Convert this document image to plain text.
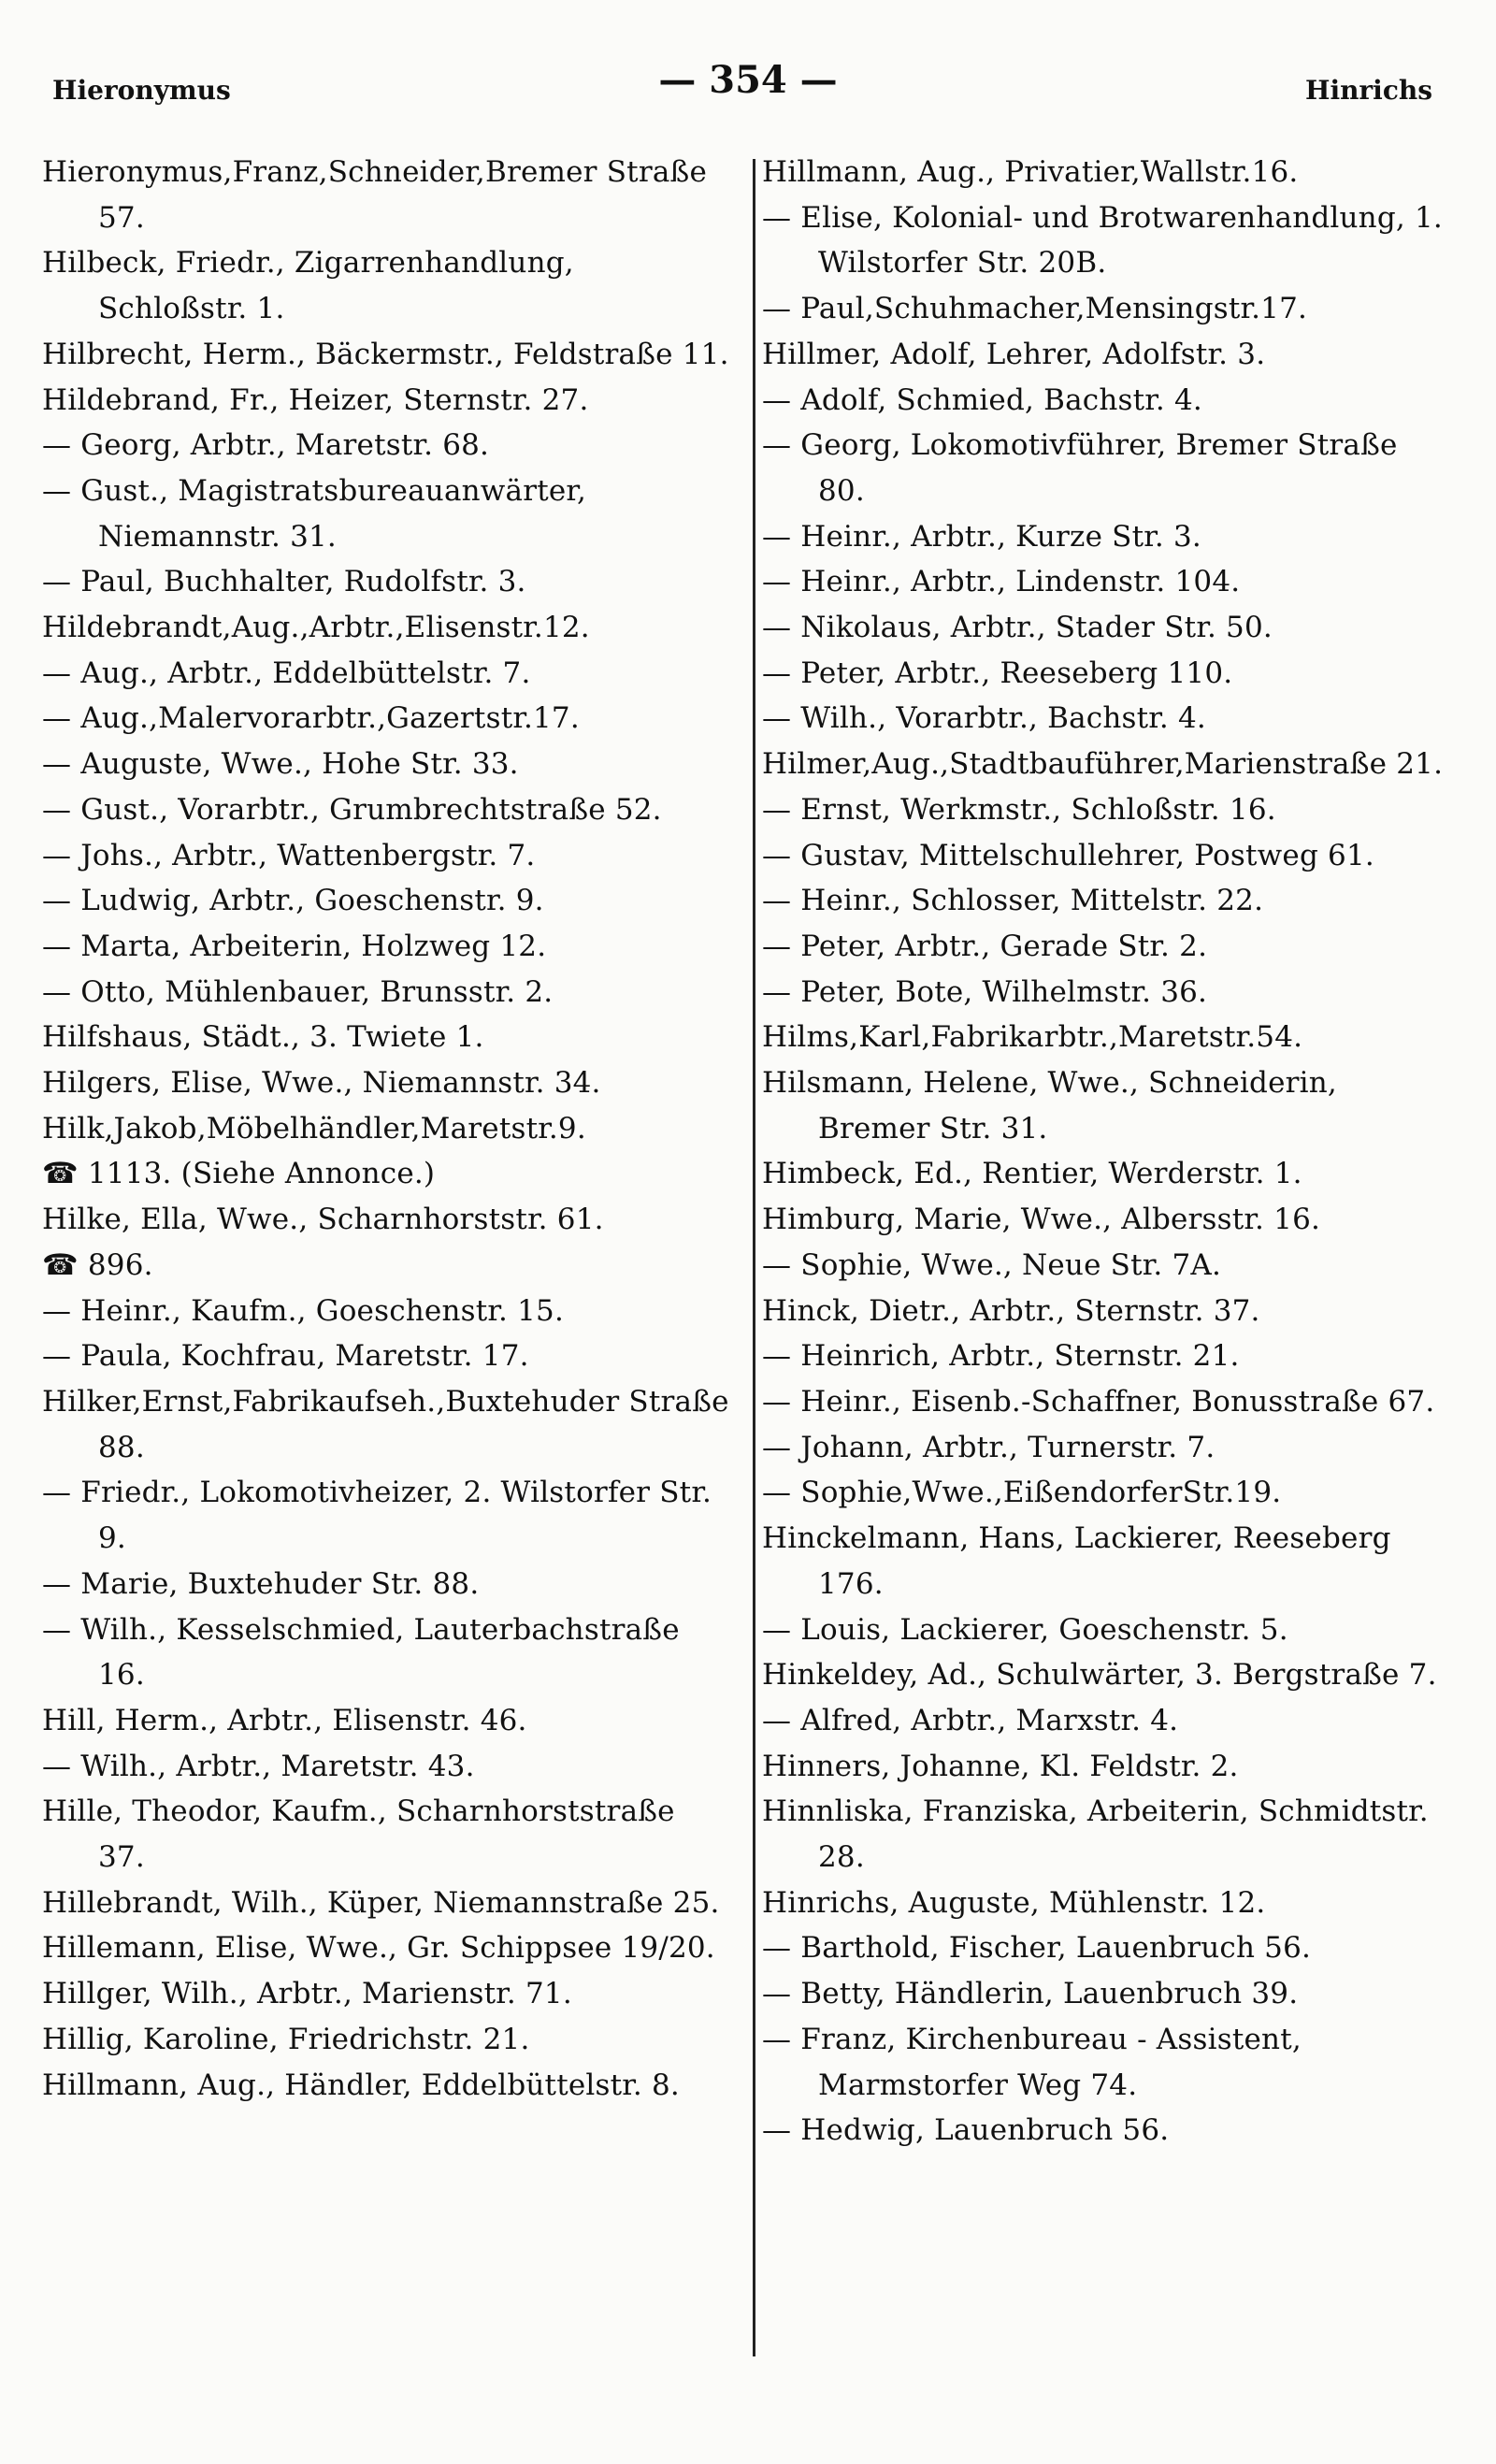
Hieronymus	— 354 —	Hinrichs
Hieronymus,Franz,Schneider,Bremer Straße 57.
Hilbeck, Friedr., Zigarrenhandlung, Schloßstr. 1.
Hilbrecht, Herm., Bäckermstr., Feldstraße 11.
Hildebrand, Fr., Heizer, Sternstr. 27.
— Georg, Arbtr., Maretstr. 68.
— Gust., Magistratsbureauanwärter, Niemannstr. 31.
— Paul, Buchhalter, Rudolfstr. 3.
Hildebrandt,Aug.,Arbtr.,Elisenstr.12.
— Aug., Arbtr., Eddelbüttelstr. 7.
— Aug.,Malervorarbtr.,Gazertstr.17.
— Auguste, Wwe., Hohe Str. 33.
— Gust., Vorarbtr., Grumbrechtstraße 52.
— Johs., Arbtr., Wattenbergstr. 7.
— Ludwig, Arbtr., Goeschenstr. 9.
— Marta, Arbeiterin, Holzweg 12.
— Otto, Mühlenbauer, Brunsstr. 2.
Hilfshaus, Städt., 3. Twiete 1.
Hilgers, Elise, Wwe., Niemannstr. 34.
Hilk,Jakob,Möbelhändler,Maretstr.9.
☎ 1113. (Siehe Annonce.)
Hilke, Ella, Wwe., Scharnhorststr. 61.
☎ 896.
— Heinr., Kaufm., Goeschenstr. 15.
— Paula, Kochfrau, Maretstr. 17.
Hilker,Ernst,Fabrikaufseh.,Buxtehuder Straße 88.
— Friedr., Lokomotivheizer, 2. Wilstorfer Str. 9.
— Marie, Buxtehuder Str. 88.
— Wilh., Kesselschmied, Lauterbachstraße 16.
Hill, Herm., Arbtr., Elisenstr. 46.
— Wilh., Arbtr., Maretstr. 43.
Hille, Theodor, Kaufm., Scharnhorststraße 37.
Hillebrandt, Wilh., Küper, Niemannstraße 25.
Hillemann, Elise, Wwe., Gr. Schippsee 19/20.
Hillger, Wilh., Arbtr., Marienstr. 71.
Hillig, Karoline, Friedrichstr. 21.
Hillmann, Aug., Händler, Eddelbüttelstr. 8.
Hillmann, Aug., Privatier,Wallstr.16.
— Elise, Kolonial- und Brotwarenhandlung, 1. Wilstorfer Str. 20B.
— Paul,Schuhmacher,Mensingstr.17.
Hillmer, Adolf, Lehrer, Adolfstr. 3.
— Adolf, Schmied, Bachstr. 4.
— Georg, Lokomotivführer, Bremer Straße 80.
— Heinr., Arbtr., Kurze Str. 3.
— Heinr., Arbtr., Lindenstr. 104.
— Nikolaus, Arbtr., Stader Str. 50.
— Peter, Arbtr., Reeseberg 110.
— Wilh., Vorarbtr., Bachstr. 4.
Hilmer,Aug.,Stadtbauführer,Marienstraße 21.
— Ernst, Werkmstr., Schloßstr. 16.
— Gustav, Mittelschullehrer, Postweg 61.
— Heinr., Schlosser, Mittelstr. 22.
— Peter, Arbtr., Gerade Str. 2.
— Peter, Bote, Wilhelmstr. 36.
Hilms,Karl,Fabrikarbtr.,Maretstr.54.
Hilsmann, Helene, Wwe., Schneiderin, Bremer Str. 31.
Himbeck, Ed., Rentier, Werderstr. 1.
Himburg, Marie, Wwe., Albersstr. 16.
— Sophie, Wwe., Neue Str. 7A.
Hinck, Dietr., Arbtr., Sternstr. 37.
— Heinrich, Arbtr., Sternstr. 21.
— Heinr., Eisenb.-Schaffner, Bonusstraße 67.
— Johann, Arbtr., Turnerstr. 7.
— Sophie,Wwe.,EißendorferStr.19.
Hinckelmann, Hans, Lackierer, Reeseberg 176.
— Louis, Lackierer, Goeschenstr. 5.
Hinkeldey, Ad., Schulwärter, 3. Bergstraße 7.
— Alfred, Arbtr., Marxstr. 4.
Hinners, Johanne, Kl. Feldstr. 2.
Hinnliska, Franziska, Arbeiterin, Schmidtstr. 28.
Hinrichs, Auguste, Mühlenstr. 12.
— Barthold, Fischer, Lauenbruch 56.
— Betty, Händlerin, Lauenbruch 39.
— Franz, Kirchenbureau - Assistent, Marmstorfer Weg 74.
— Hedwig, Lauenbruch 56.
